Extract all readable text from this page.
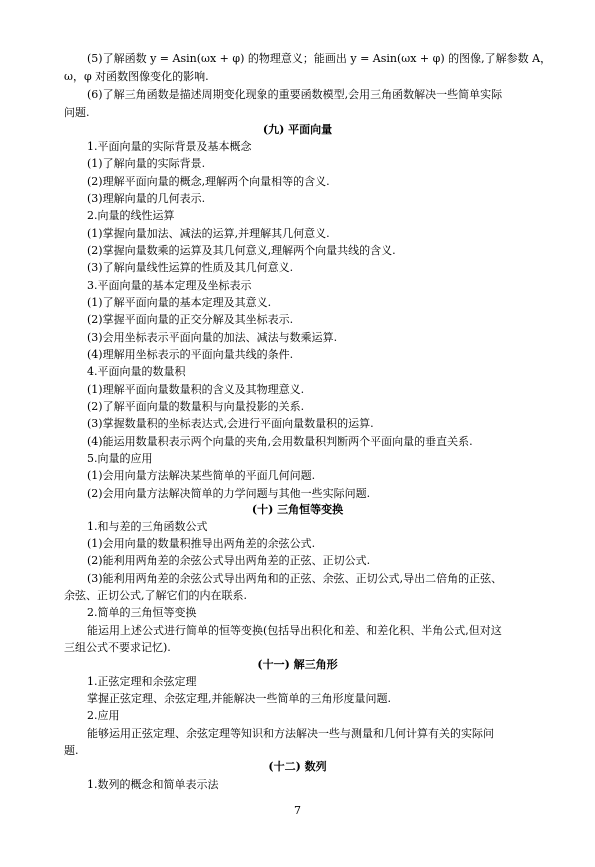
7
(5)了解函数 y = Asin(ωx + φ) 的物理意义；能画出 y = Asin(ωx + φ) 的图像,了解参数 A，
ω，φ 对函数图像变化的影响.
(6)了解三角函数是描述周期变化现象的重要函数模型,会用三角函数解决一些简单实际
问题.
(九) 平面向量
1.平面向量的实际背景及基本概念
(1)了解向量的实际背景.
(2)理解平面向量的概念,理解两个向量相等的含义.
(3)理解向量的几何表示.
2.向量的线性运算
(1)掌握向量加法、减法的运算,并理解其几何意义.
(2)掌握向量数乘的运算及其几何意义,理解两个向量共线的含义.
(3)了解向量线性运算的性质及其几何意义.
3.平面向量的基本定理及坐标表示
(1)了解平面向量的基本定理及其意义.
(2)掌握平面向量的正交分解及其坐标表示.
(3)会用坐标表示平面向量的加法、减法与数乘运算.
(4)理解用坐标表示的平面向量共线的条件.
4.平面向量的数量积
(1)理解平面向量数量积的含义及其物理意义.
(2)了解平面向量的数量积与向量投影的关系.
(3)掌握数量积的坐标表达式,会进行平面向量数量积的运算.
(4)能运用数量积表示两个向量的夹角,会用数量积判断两个平面向量的垂直关系.
5.向量的应用
(1)会用向量方法解决某些简单的平面几何问题.
(2)会用向量方法解决简单的力学问题与其他一些实际问题.
(十) 三角恒等变换
1.和与差的三角函数公式
(1)会用向量的数量积推导出两角差的余弦公式.
(2)能利用两角差的余弦公式导出两角差的正弦、正切公式.
(3)能利用两角差的余弦公式导出两角和的正弦、余弦、正切公式,导出二倍角的正弦、
余弦、正切公式,了解它们的内在联系.
2.简单的三角恒等变换
能运用上述公式进行简单的恒等变换(包括导出积化和差、和差化积、半角公式,但对这
三组公式不要求记忆).
(十一) 解三角形
1.正弦定理和余弦定理
掌握正弦定理、余弦定理,并能解决一些简单的三角形度量问题.
2.应用
能够运用正弦定理、余弦定理等知识和方法解决一些与测量和几何计算有关的实际问
题.
(十二) 数列
1.数列的概念和简单表示法
